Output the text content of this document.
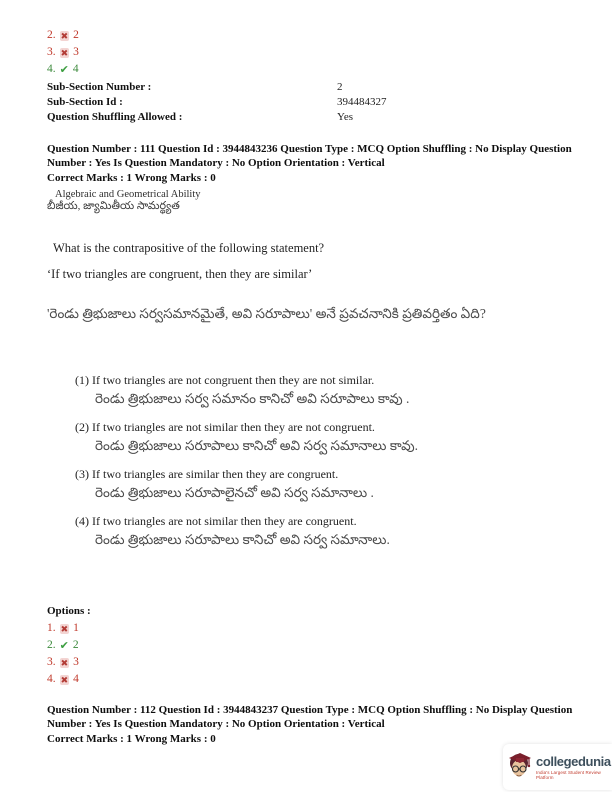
2. ✖ 2
3. ✖ 3
4. ✔ 4
Sub-Section Number :	2
Sub-Section Id :	394484327
Question Shuffling Allowed :	Yes
Question Number : 111 Question Id : 3944843236 Question Type : MCQ Option Shuffling : No Display Question Number : Yes Is Question Mandatory : No Option Orientation : Vertical
Correct Marks : 1 Wrong Marks : 0
Algebraic and Geometrical Ability
బీజీయ, జ్యామితీయ సామర్థ్యత
What is the contrapositive of the following statement?
‘If two triangles are congruent, then they are similar’
'రెండు త్రిభుజాలు సర్వసమానమైతే, అవి సరూపాలు' అనే ప్రవచనానికి ప్రతివర్తితం ఏది?
(1) If two triangles are not congruent then they are not similar.
రెండు త్రిభుజాలు సర్వ సమానం కానిచో అవి సరూపాలు కావు .
(2) If two triangles are not similar then they are not congruent.
రెండు త్రిభుజాలు సరూపాలు కానిచో అవి సర్వ సమానాలు కావు.
(3) If two triangles are similar then they are congruent.
రెండు త్రిభుజాలు సరూపాలైనచో అవి సర్వ సమానాలు .
(4) If two triangles are not similar then they are congruent.
రెండు త్రిభుజాలు సరూపాలు కానిచో అవి సర్వ సమానాలు.
Options :
1. ✖ 1
2. ✔ 2
3. ✖ 3
4. ✖ 4
Question Number : 112 Question Id : 3944843237 Question Type : MCQ Option Shuffling : No Display Question Number : Yes Is Question Mandatory : No Option Orientation : Vertical
Correct Marks : 1 Wrong Marks : 0
collegedunia
India's Largest Student Review Platform
